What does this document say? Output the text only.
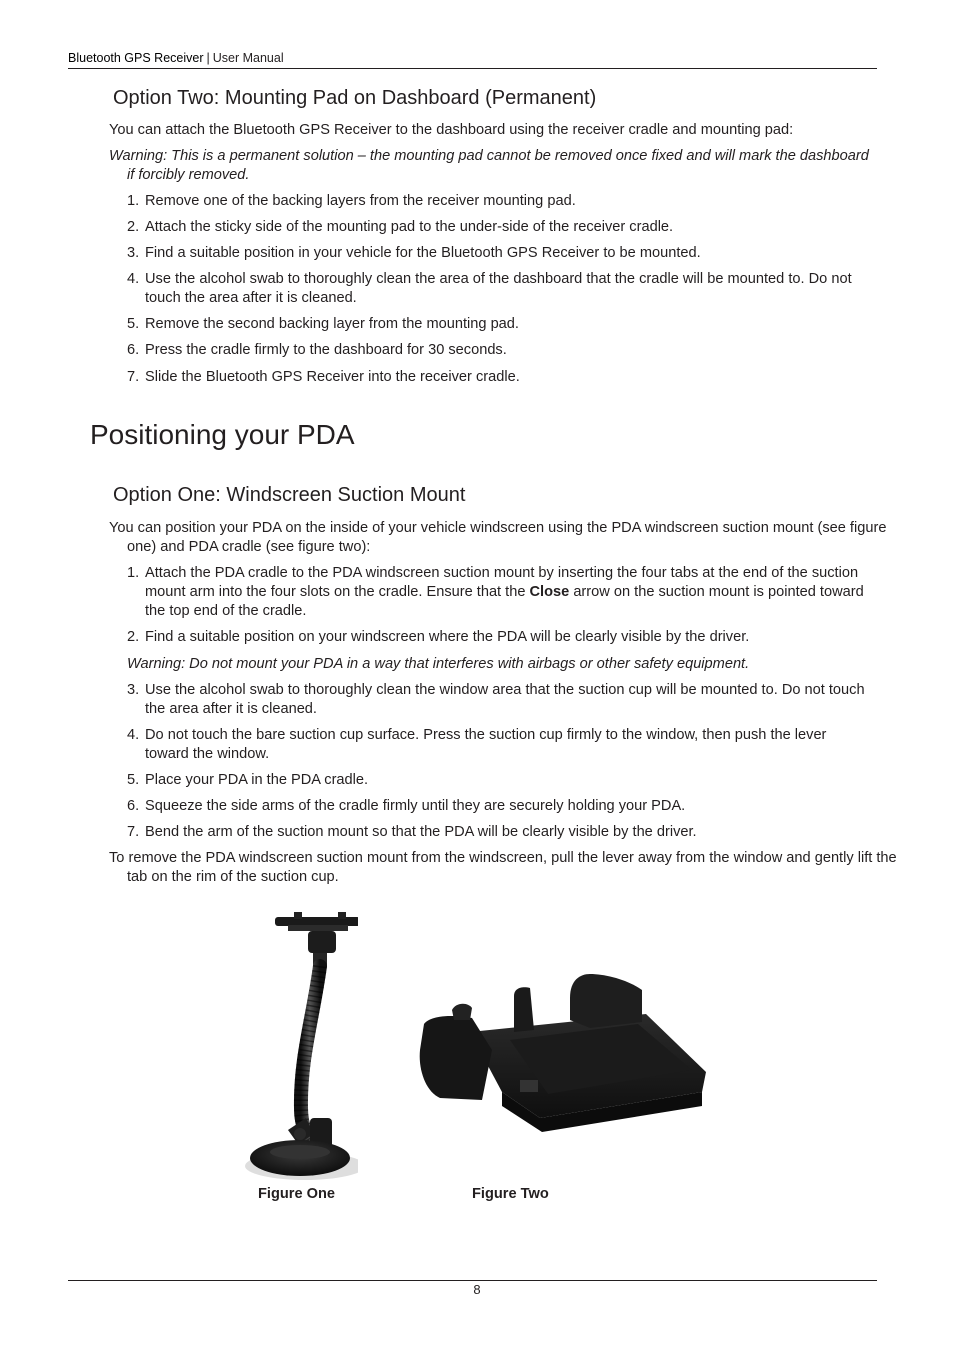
Bluetooth GPS Receiver | User Manual
Option Two: Mounting Pad on Dashboard (Permanent)
You can attach the Bluetooth GPS Receiver to the dashboard using the receiver cradle and mounting pad:
Warning: This is a permanent solution – the mounting pad cannot be removed once fixed and will mark the dashboard if forcibly removed.
1. Remove one of the backing layers from the receiver mounting pad.
2. Attach the sticky side of the mounting pad to the under-side of the receiver cradle.
3. Find a suitable position in your vehicle for the Bluetooth GPS Receiver to be mounted.
4. Use the alcohol swab to thoroughly clean the area of the dashboard that the cradle will be mounted to. Do not touch the area after it is cleaned.
5. Remove the second backing layer from the mounting pad.
6. Press the cradle firmly to the dashboard for 30 seconds.
7. Slide the Bluetooth GPS Receiver into the receiver cradle.
Positioning your PDA
Option One: Windscreen Suction Mount
You can position your PDA on the inside of your vehicle windscreen using the PDA windscreen suction mount (see figure one) and PDA cradle (see figure two):
1. Attach the PDA cradle to the PDA windscreen suction mount by inserting the four tabs at the end of the suction mount arm into the four slots on the cradle. Ensure that the Close arrow on the suction mount is pointed toward the top end of the cradle.
2. Find a suitable position on your windscreen where the PDA will be clearly visible by the driver.
Warning: Do not mount your PDA in a way that interferes with airbags or other safety equipment.
3. Use the alcohol swab to thoroughly clean the window area that the suction cup will be mounted to. Do not touch the area after it is cleaned.
4. Do not touch the bare suction cup surface. Press the suction cup firmly to the window, then push the lever toward the window.
5. Place your PDA in the PDA cradle.
6. Squeeze the side arms of the cradle firmly until they are securely holding your PDA.
7. Bend the arm of the suction mount so that the PDA will be clearly visible by the driver.
To remove the PDA windscreen suction mount from the windscreen, pull the lever away from the window and gently lift the tab on the rim of the suction cup.
Figure One	Figure Two
8
